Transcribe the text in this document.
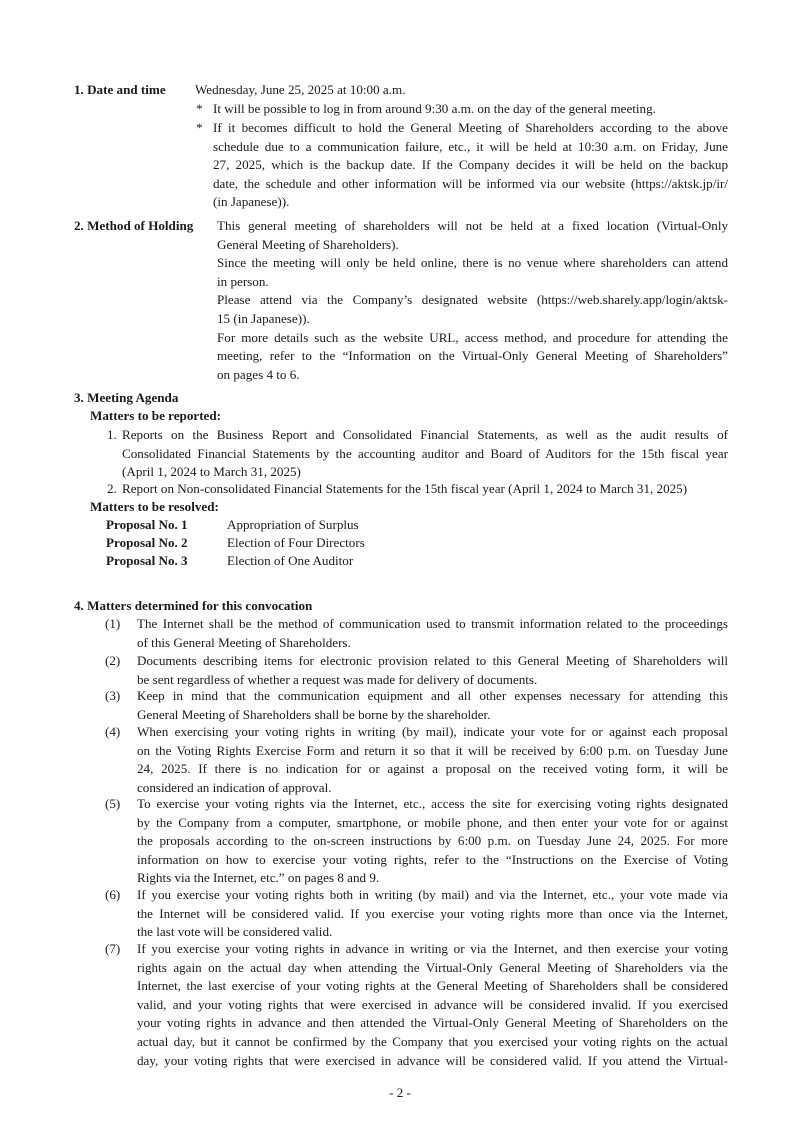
1. Date and time Wednesday, June 25, 2025 at 10:00 a.m.
* It will be possible to log in from around 9:30 a.m. on the day of the general meeting.
* If it becomes difficult to hold the General Meeting of Shareholders according to the above
schedule due to a communication failure, etc., it will be held at 10:30 a.m. on Friday, June
27, 2025, which is the backup date. If the Company decides it will be held on the backup
date, the schedule and other information will be informed via our website (https://aktsk.jp/ir/
(in Japanese)).
2. Method of Holding This general meeting of shareholders will not be held at a fixed location (Virtual-Only
General Meeting of Shareholders).
Since the meeting will only be held online, there is no venue where shareholders can attend
in person.
Please attend via the Company’s designated website (https://web.sharely.app/login/aktsk-
15 (in Japanese)).
For more details such as the website URL, access method, and procedure for attending the
meeting, refer to the “Information on the Virtual-Only General Meeting of Shareholders”
on pages 4 to 6.
3. Meeting Agenda
Matters to be reported:
1. Reports on the Business Report and Consolidated Financial Statements, as well as the audit results of
Consolidated Financial Statements by the accounting auditor and Board of Auditors for the 15th fiscal year
(April 1, 2024 to March 31, 2025)
2. Report on Non-consolidated Financial Statements for the 15th fiscal year (April 1, 2024 to March 31, 2025)
Matters to be resolved:
Proposal No. 1	Appropriation of Surplus
Proposal No. 2	Election of Four Directors
Proposal No. 3	Election of One Auditor
4. Matters determined for this convocation
(1) The Internet shall be the method of communication used to transmit information related to the proceedings
of this General Meeting of Shareholders.
(2) Documents describing items for electronic provision related to this General Meeting of Shareholders will
be sent regardless of whether a request was made for delivery of documents.
(3) Keep in mind that the communication equipment and all other expenses necessary for attending this
General Meeting of Shareholders shall be borne by the shareholder.
(4) When exercising your voting rights in writing (by mail), indicate your vote for or against each proposal
on the Voting Rights Exercise Form and return it so that it will be received by 6:00 p.m. on Tuesday June
24, 2025. If there is no indication for or against a proposal on the received voting form, it will be
considered an indication of approval.
(5) To exercise your voting rights via the Internet, etc., access the site for exercising voting rights designated
by the Company from a computer, smartphone, or mobile phone, and then enter your vote for or against
the proposals according to the on-screen instructions by 6:00 p.m. on Tuesday June 24, 2025. For more
information on how to exercise your voting rights, refer to the “Instructions on the Exercise of Voting
Rights via the Internet, etc.” on pages 8 and 9.
(6) If you exercise your voting rights both in writing (by mail) and via the Internet, etc., your vote made via
the Internet will be considered valid. If you exercise your voting rights more than once via the Internet,
the last vote will be considered valid.
(7) If you exercise your voting rights in advance in writing or via the Internet, and then exercise your voting
rights again on the actual day when attending the Virtual-Only General Meeting of Shareholders via the
Internet, the last exercise of your voting rights at the General Meeting of Shareholders shall be considered
valid, and your voting rights that were exercised in advance will be considered invalid. If you exercised
your voting rights in advance and then attended the Virtual-Only General Meeting of Shareholders on the
actual day, but it cannot be confirmed by the Company that you exercised your voting rights on the actual
day, your voting rights that were exercised in advance will be considered valid. If you attend the Virtual-
- 2 -
